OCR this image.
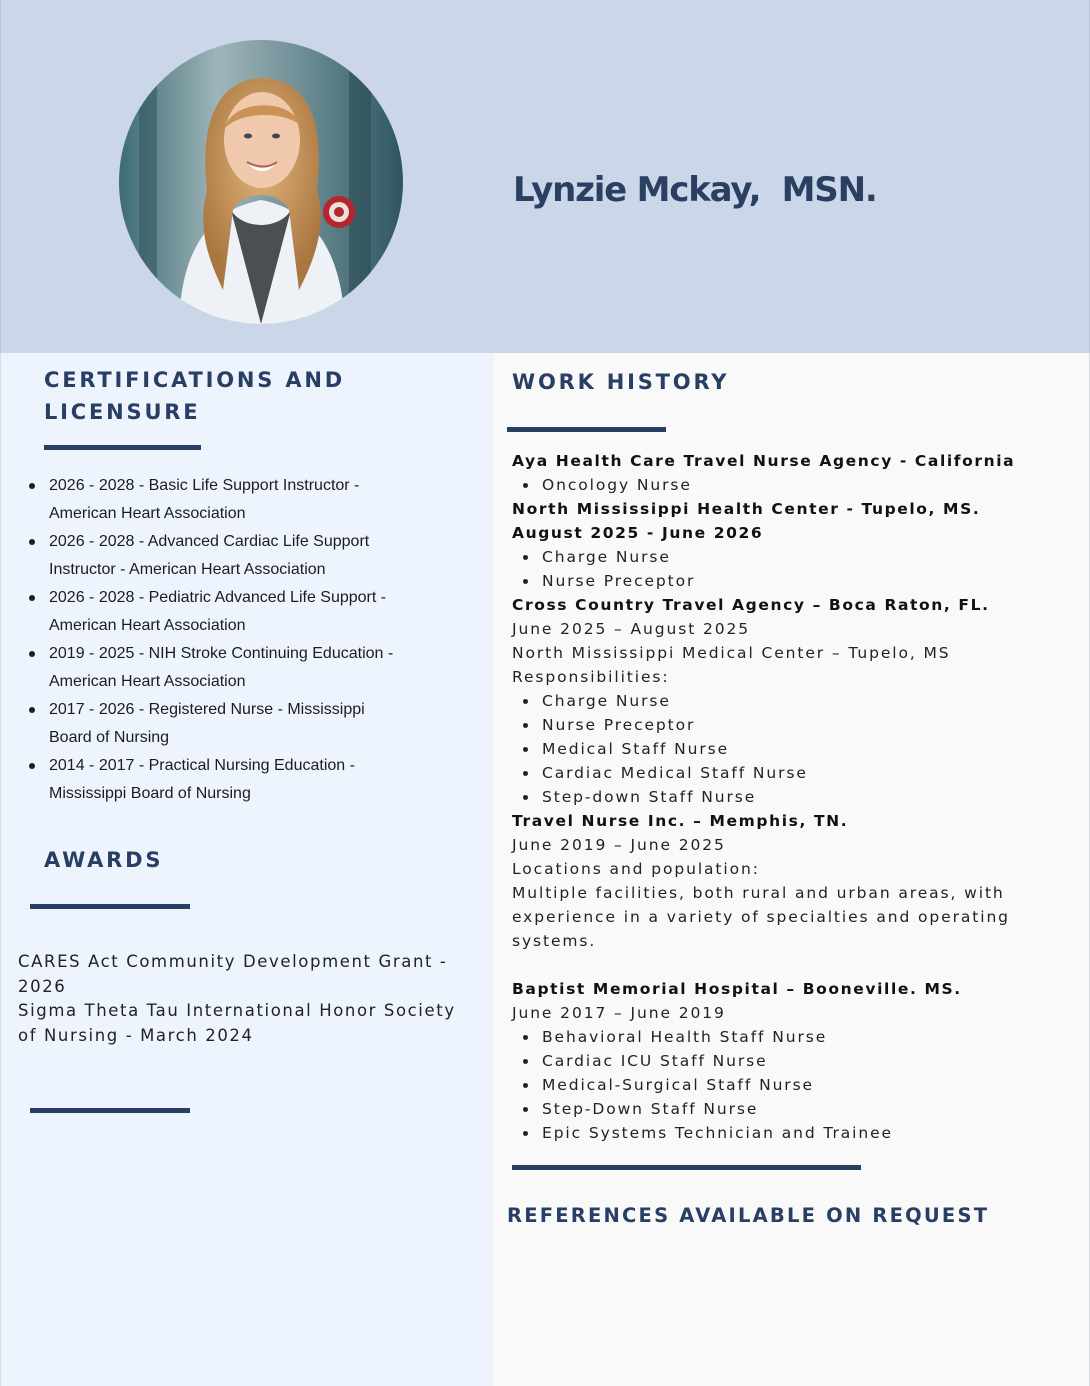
Lynzie Mckay,  MSN.
CERTIFICATIONS AND
LICENSURE
2026 - 2028 - Basic Life Support Instructor -
American Heart Association
2026 - 2028 - Advanced Cardiac Life Support
Instructor - American Heart Association
2026 - 2028 - Pediatric Advanced Life Support -
American Heart Association
2019 - 2025 - NIH Stroke Continuing Education -
American Heart Association
2017 - 2026 - Registered Nurse - Mississippi
Board of Nursing
2014 - 2017 - Practical Nursing Education -
Mississippi Board of Nursing
AWARDS
CARES Act Community Development Grant -
2026
Sigma Theta Tau International Honor Society
of Nursing - March 2024
WORK HISTORY
Aya Health Care Travel Nurse Agency - California
Oncology Nurse
North Mississippi Health Center - Tupelo, MS.
August 2025 - June 2026
Charge Nurse
Nurse Preceptor
Cross Country Travel Agency – Boca Raton, FL.
June 2025 – August 2025
North Mississippi Medical Center – Tupelo, MS
Responsibilities:
Charge Nurse
Nurse Preceptor
Medical Staff Nurse
Cardiac Medical Staff Nurse
Step-down Staff Nurse
Travel Nurse Inc. – Memphis, TN.
June 2019 – June 2025
Locations and population:
Multiple facilities, both rural and urban areas, with
experience in a variety of specialties and operating
systems.
Baptist Memorial Hospital – Booneville. MS.
June 2017 – June 2019
Behavioral Health Staff Nurse
Cardiac ICU Staff Nurse
Medical-Surgical Staff Nurse
Step-Down Staff Nurse
Epic Systems Technician and Trainee
REFERENCES AVAILABLE ON REQUEST
